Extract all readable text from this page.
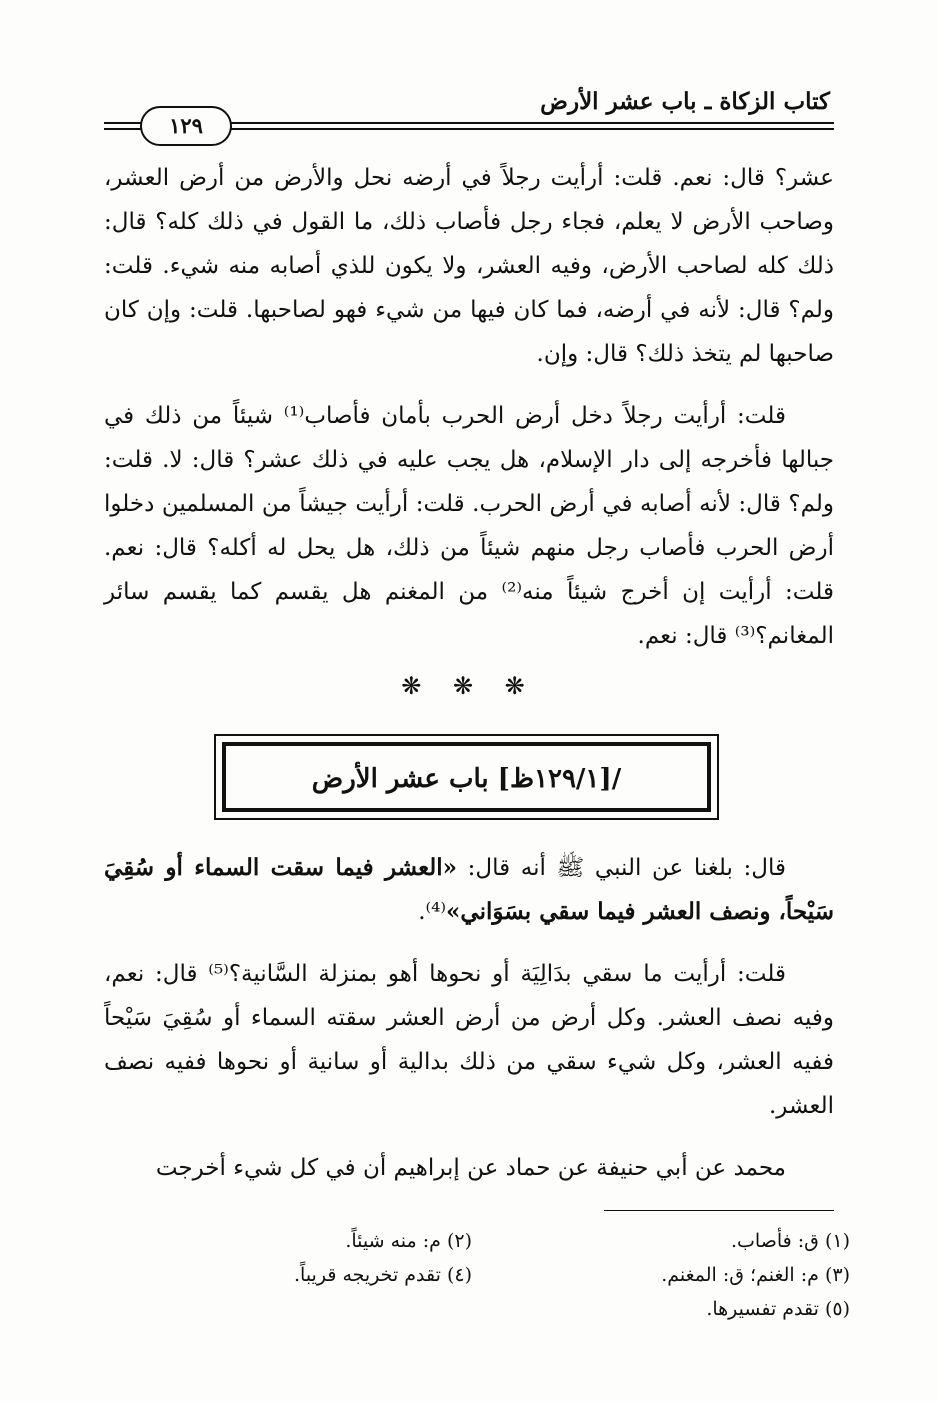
كتاب الزكاة ـ باب عشر الأرض
١٢٩

عشر؟ قال: نعم. قلت: أرأيت رجلاً في أرضه نحل والأرض من أرض العشر، وصاحب الأرض لا يعلم، فجاء رجل فأصاب ذلك، ما القول في ذلك كله؟ قال: ذلك كله لصاحب الأرض، وفيه العشر، ولا يكون للذي أصابه منه شيء. قلت: ولم؟ قال: لأنه في أرضه، فما كان فيها من شيء فهو لصاحبها. قلت: وإن كان صاحبها لم يتخذ ذلك؟ قال: وإن.

قلت: أرأيت رجلاً دخل أرض الحرب بأمان فأصاب⁽¹⁾ شيئاً من ذلك في جبالها فأخرجه إلى دار الإسلام، هل يجب عليه في ذلك عشر؟ قال: لا. قلت: ولم؟ قال: لأنه أصابه في أرض الحرب. قلت: أرأيت جيشاً من المسلمين دخلوا أرض الحرب فأصاب رجل منهم شيئاً من ذلك، هل يحل له أكله؟ قال: نعم. قلت: أرأيت إن أخرج شيئاً منه⁽²⁾ من المغنم هل يقسم كما يقسم سائر المغانم؟⁽³⁾ قال: نعم.

❋ ❋ ❋
/[١٢٩/١ظ] باب عشر الأرض

قال: بلغنا عن النبي ﷺ أنه قال: «العشر فيما سقت السماء أو سُقِيَ سَيْحاً، ونصف العشر فيما سقي بسَوَاني»⁽⁴⁾.

قلت: أرأيت ما سقي بدَالِيَة أو نحوها أهو بمنزلة السَّانية؟⁽⁵⁾ قال: نعم، وفيه نصف العشر. وكل أرض من أرض العشر سقته السماء أو سُقِيَ سَيْحاً ففيه العشر، وكل شيء سقي من ذلك بدالية أو سانية أو نحوها ففيه نصف العشر.

محمد عن أبي حنيفة عن حماد عن إبراهيم أن في كل شيء أخرجت

(١) ق: فأصاب.
(٢) م: منه شيئاً.
(٣) م: الغنم؛ ق: المغنم.
(٤) تقدم تخريجه قريباً.
(٥) تقدم تفسيرها.
